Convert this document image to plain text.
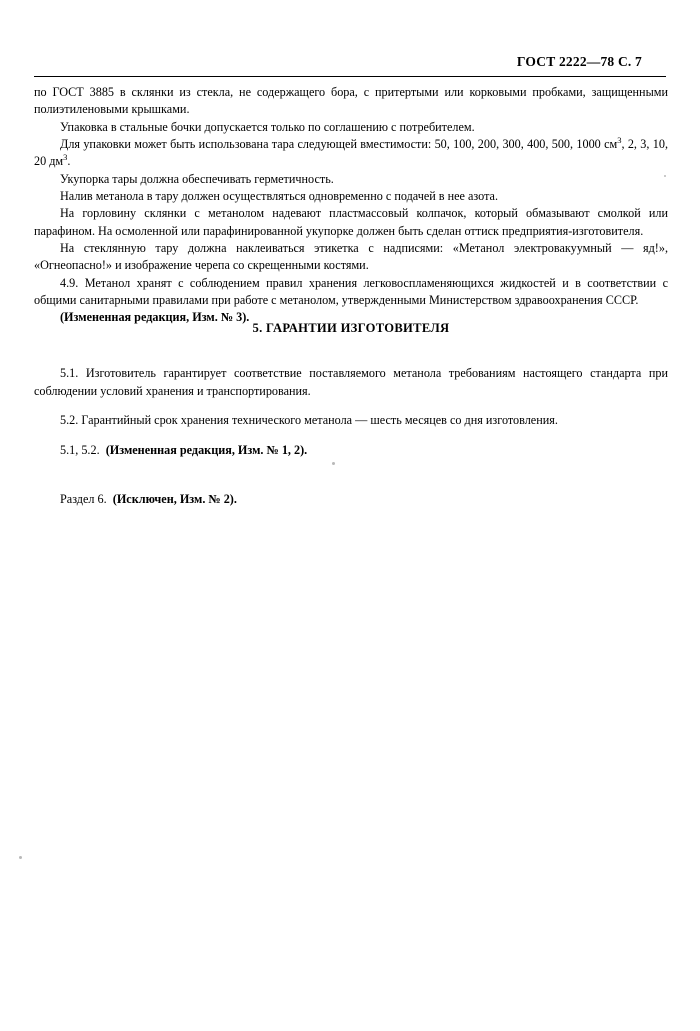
ГОСТ 2222—78 С. 7

по ГОСТ 3885 в склянки из стекла, не содержащего бора, с притертыми или корковыми пробками, защищенными полиэтиленовыми крышками.

Упаковка в стальные бочки допускается только по соглашению с потребителем.

Для упаковки может быть использована тара следующей вместимости: 50, 100, 200, 300, 400, 500, 1000 $см^3$, 2, 3, 10, 20 $дм^3$.

Укупорка тары должна обеспечивать герметичность.

Налив метанола в тару должен осуществляться одновременно с подачей в нее азота.

На горловину склянки с метанолом надевают пластмассовый колпачок, который обмазывают смолкой или парафином. На осмоленной или парафинированной укупорке должен быть сделан оттиск предприятия-изготовителя.

На стеклянную тару должна наклеиваться этикетка с надписями: «Метанол электровакуумный — яд!», «Огнеопасно!» и изображение черепа со скрещенными костями.

4.9. Метанол хранят с соблюдением правил хранения легковоспламеняющихся жидкостей и в соответствии с общими санитарными правилами при работе с метанолом, утвержденными Министерством здравоохранения СССР.

(Измененная редакция, Изм. № 3).

5. ГАРАНТИИ ИЗГОТОВИТЕЛЯ

5.1. Изготовитель гарантирует соответствие поставляемого метанола требованиям настоящего стандарта при соблюдении условий хранения и транспортирования.

5.2. Гарантийный срок хранения технического метанола — шесть месяцев со дня изготовления.

5.1, 5.2.  (Измененная редакция, Изм. № 1, 2).

Раздел 6.  (Исключен, Изм. № 2).
